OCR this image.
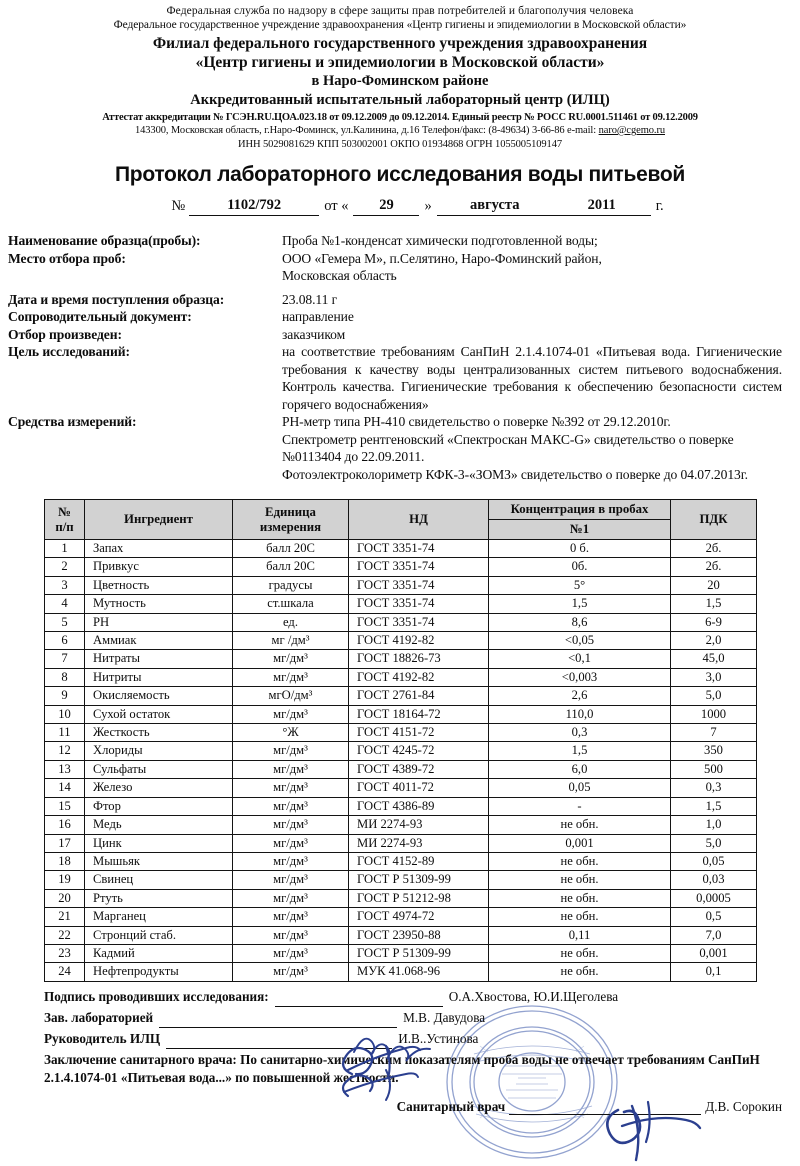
Федеральная служба по надзору в сфере защиты прав потребителей и благополучия человека
Федеральное государственное учреждение здравоохранения «Центр гигиены и эпидемиологии в Московской области»
Филиал федерального государственного учреждения здравоохранения
«Центр гигиены и эпидемиологии в Московской области»
в Наро-Фоминском районе
Аккредитованный испытательный лабораторный центр (ИЛЦ)
Аттестат аккредитации № ГСЭН.RU.ЦОА.023.18 от 09.12.2009 до 09.12.2014. Единый реестр № РОСС RU.0001.511461 от 09.12.2009
143300, Московская область, г.Наро-Фоминск, ул.Калинина, д.16 Телефон/факс: (8-49634) 3-66-86 e-mail: naro@cgemo.ru
ИНН 5029081629 КПП 503002001 ОКПО 01934868 ОГРН 1055005109147
Протокол лабораторного исследования воды питьевой
№	1102/792	от «	29	»	августа	2011	г.
Наименование образца(пробы):	Проба №1-конденсат химически подготовленной воды;
Место отбора проб:	ООО «Гемера М», п.Селятино, Наро-Фоминский район,
Московская область
Дата и время поступления образца:	23.08.11 г
Сопроводительный документ:	направление
Отбор произведен:	заказчиком
Цель исследований:	на соответствие требованиям СанПиН 2.1.4.1074-01 «Питьевая вода. Гигиенические требования к качеству воды централизованных систем питьевого водоснабжения. Контроль качества. Гигиенические требования к обеспечению безопасности систем горячего водоснабжения»
Средства измерений:	РН-метр типа РН-410 свидетельство о поверке №392 от 29.12.2010г.
Спектрометр рентгеновский «Спектроскан МАКС-G» свидетельство о поверке №0113404 до 22.09.2011.
Фотоэлектроколориметр КФК-3-«ЗОМЗ» свидетельство о поверке до 04.07.2013г.
№
п/п
	Ингредиент	
Единица
измерения
	НД	Концентрация в пробах	ПДК
				№1	
1	Запах	балл 20С	ГОСТ 3351-74	0 б.	2б.
2	Привкус	балл 20С	ГОСТ 3351-74	0б.	2б.
3	Цветность	градусы	ГОСТ 3351-74	5°	20
4	Мутность	ст.шкала	ГОСТ 3351-74	1,5	1,5
5	РН	ед.	ГОСТ 3351-74	8,6	6-9
6	Аммиак	мг /дм³	ГОСТ 4192-82	<0,05	2,0
7	Нитраты	мг/дм³	ГОСТ 18826-73	<0,1	45,0
8	Нитриты	мг/дм³	ГОСТ 4192-82	<0,003	3,0
9	Окисляемость	мгО/дм³	ГОСТ 2761-84	2,6	5,0
10	Сухой остаток	мг/дм³	ГОСТ 18164-72	110,0	1000
11	Жесткость	°Ж	ГОСТ 4151-72	0,3	7
12	Хлориды	мг/дм³	ГОСТ 4245-72	1,5	350
13	Сульфаты	мг/дм³	ГОСТ 4389-72	6,0	500
14	Железо	мг/дм³	ГОСТ 4011-72	0,05	0,3
15	Фтор	мг/дм³	ГОСТ 4386-89	-	1,5
16	Медь	мг/дм³	МИ 2274-93	не обн.	1,0
17	Цинк	мг/дм³	МИ 2274-93	0,001	5,0
18	Мышьяк	мг/дм³	ГОСТ 4152-89	не обн.	0,05
19	Свинец	мг/дм³	ГОСТ Р 51309-99	не обн.	0,03
20	Ртуть	мг/дм³	ГОСТ Р 51212-98	не обн.	0,0005
21	Марганец	мг/дм³	ГОСТ 4974-72	не обн.	0,5
22	Стронций стаб.	мг/дм³	ГОСТ 23950-88	0,11	7,0
23	Кадмий	мг/дм³	ГОСТ Р 51309-99	не обн.	0,001
24	Нефтепродукты	мг/дм³	МУК 41.068-96	не обн.	0,1
Подпись проводивших исследования:	О.А.Хвостова, Ю.И.Щеголева
Зав. лабораторией	М.В. Давудова
Руководитель ИЛЦ	И.В..Устинова
Заключение санитарного врача: По санитарно-химическим показателям проба воды не отвечает требованиям СанПиН 2.1.4.1074-01 «Питьевая вода...» по повышенной жесткости.
Санитарный врач	Д.В. Сорокин
